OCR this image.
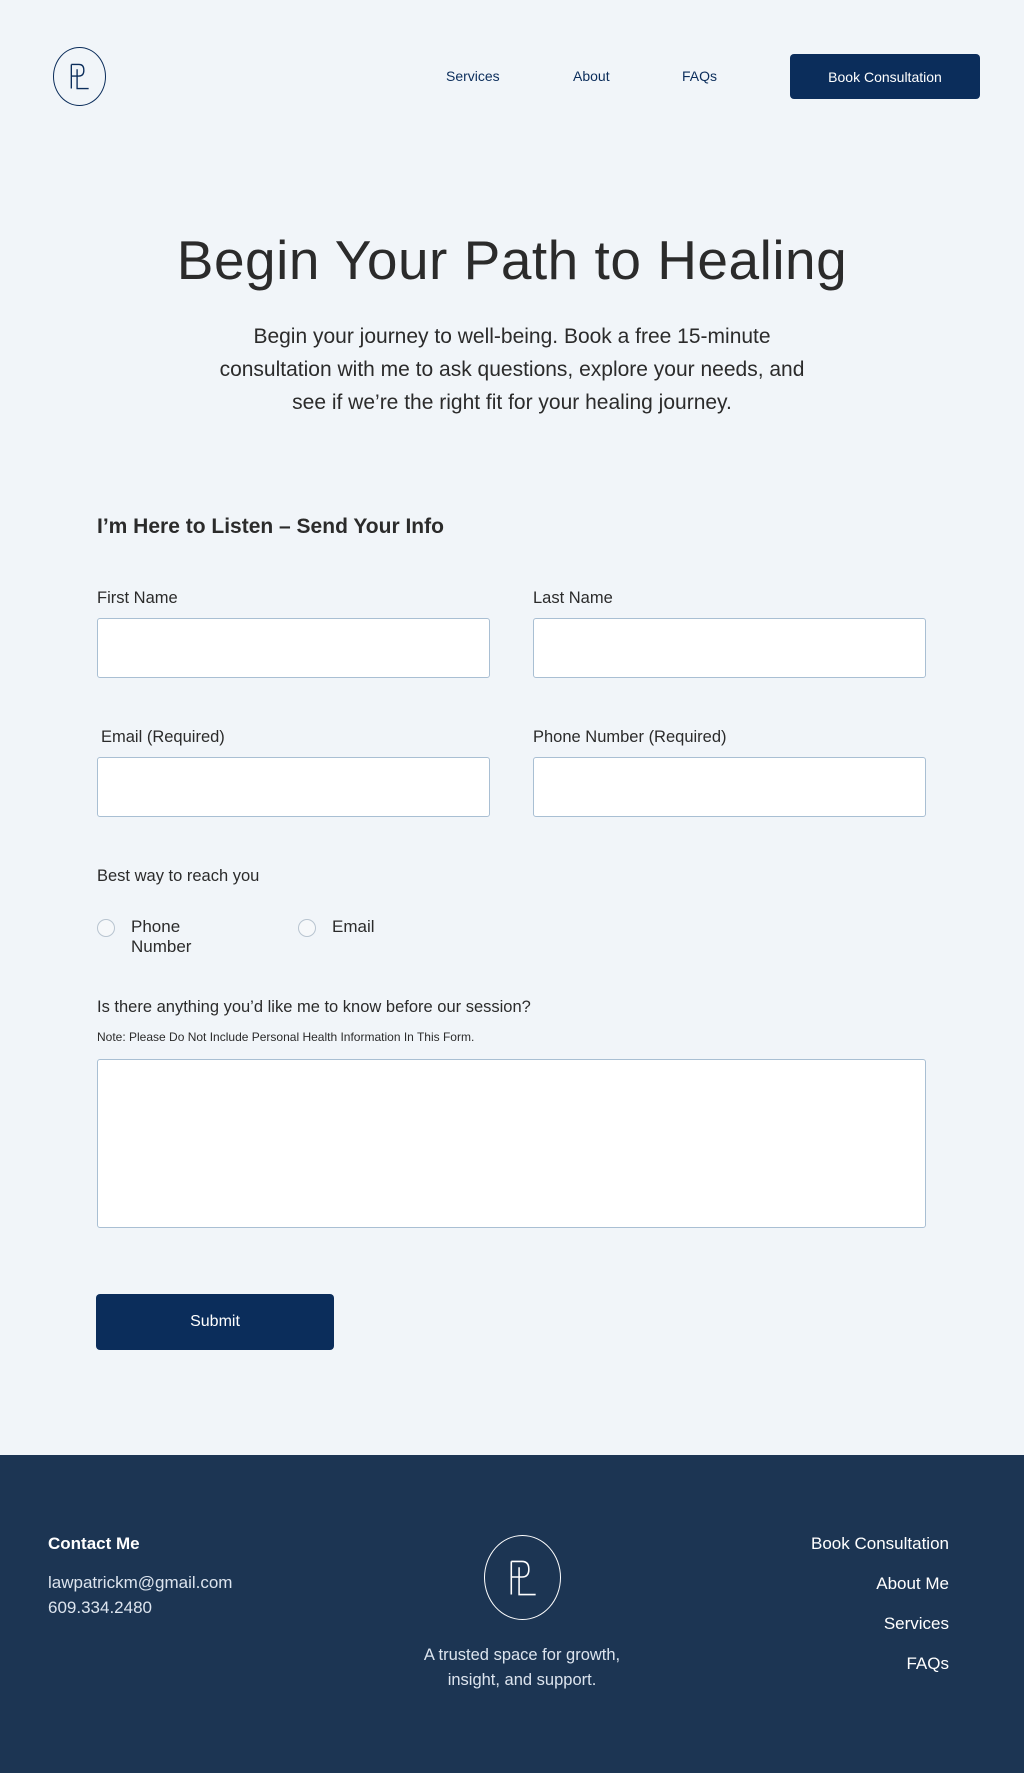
Services	About	FAQs	Book Consultation
Begin Your Path to Healing

Begin your journey to well-being. Book a free 15-minute consultation with me to ask questions, explore your needs, and see if we’re the right fit for your healing journey.

I’m Here to Listen – Send Your Info
First Name	Last Name
Email (Required)	Phone Number (Required)
Best way to reach you
Phone Number
Email
Is there anything you’d like me to know before our session?

Note: Please Do Not Include Personal Health Information In This Form.

Submit
Contact Me
lawpatrickm@gmail.com
609.334.2480

A trusted space for growth,
insight, and support.

Book Consultation
About Me
Services
FAQs
